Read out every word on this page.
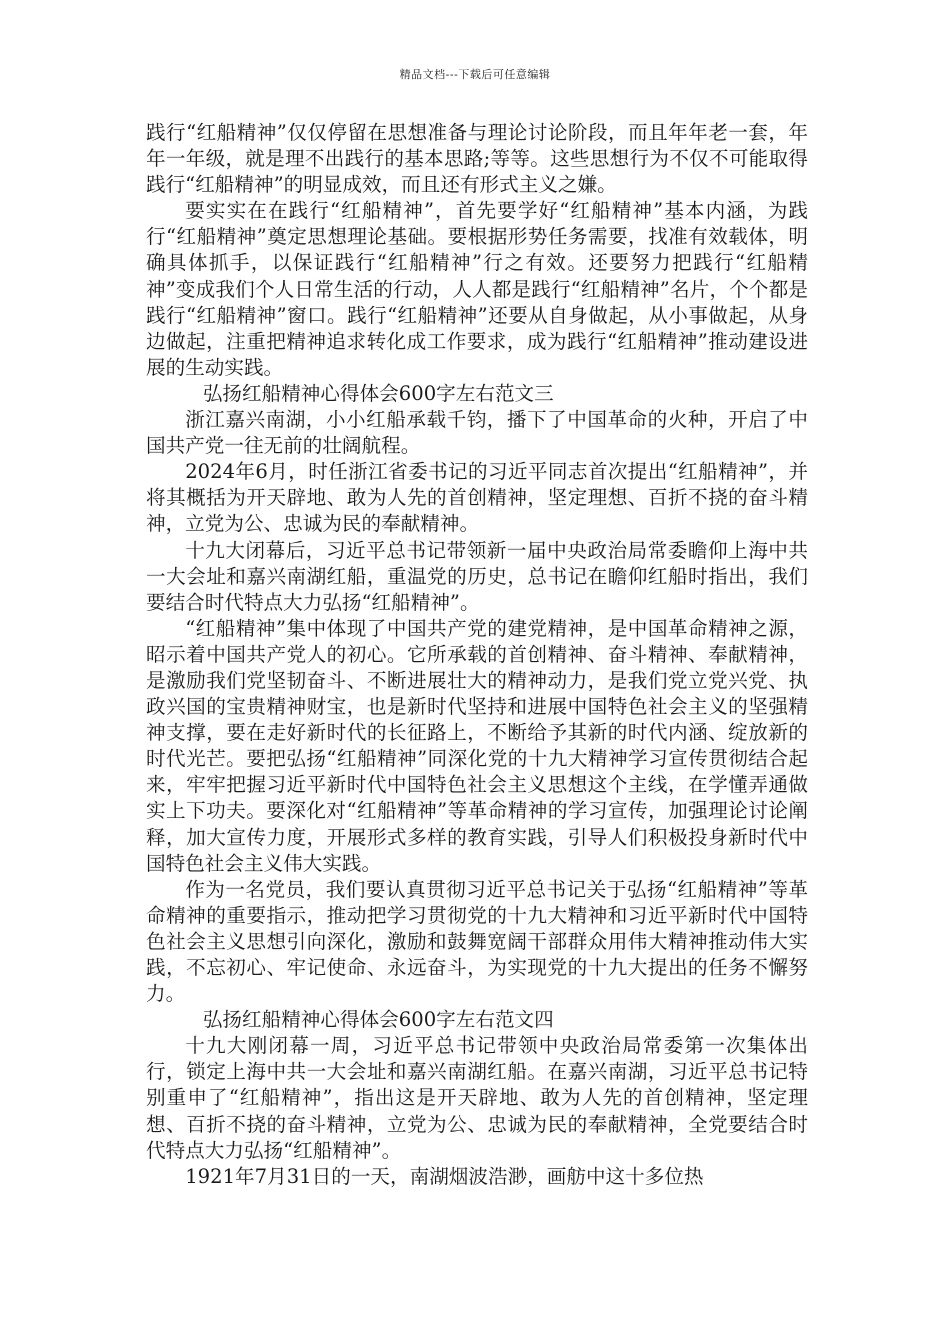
精品文档---下载后可任意编辑

践行“红船精神”仅仅停留在思想准备与理论讨论阶段，而且年年老一套，年年一年级，就是理不出践行的基本思路;等等。这些思想行为不仅不可能取得践行“红船精神”的明显成效，而且还有形式主义之嫌。

要实实在在践行“红船精神”，首先要学好“红船精神”基本内涵，为践行“红船精神”奠定思想理论基础。要根据形势任务需要，找准有效载体，明确具体抓手，以保证践行“红船精神”行之有效。还要努力把践行“红船精神”变成我们个人日常生活的行动，人人都是践行“红船精神”名片，个个都是践行“红船精神”窗口。践行“红船精神”还要从自身做起，从小事做起，从身边做起，注重把精神追求转化成工作要求，成为践行“红船精神”推动建设进展的生动实践。

弘扬红船精神心得体会600字左右范文三

浙江嘉兴南湖，小小红船承载千钧，播下了中国革命的火种，开启了中国共产党一往无前的壮阔航程。

2024年6月，时任浙江省委书记的习近平同志首次提出“红船精神”，并将其概括为开天辟地、敢为人先的首创精神，坚定理想、百折不挠的奋斗精神，立党为公、忠诚为民的奉献精神。

十九大闭幕后，习近平总书记带领新一届中央政治局常委瞻仰上海中共一大会址和嘉兴南湖红船，重温党的历史，总书记在瞻仰红船时指出，我们要结合时代特点大力弘扬“红船精神”。

“红船精神”集中体现了中国共产党的建党精神，是中国革命精神之源，昭示着中国共产党人的初心。它所承载的首创精神、奋斗精神、奉献精神，是激励我们党坚韧奋斗、不断进展壮大的精神动力，是我们党立党兴党、执政兴国的宝贵精神财宝，也是新时代坚持和进展中国特色社会主义的坚强精神支撑，要在走好新时代的长征路上，不断给予其新的时代内涵、绽放新的时代光芒。要把弘扬“红船精神”同深化党的十九大精神学习宣传贯彻结合起来，牢牢把握习近平新时代中国特色社会主义思想这个主线，在学懂弄通做实上下功夫。要深化对“红船精神”等革命精神的学习宣传，加强理论讨论阐释，加大宣传力度，开展形式多样的教育实践，引导人们积极投身新时代中国特色社会主义伟大实践。

作为一名党员，我们要认真贯彻习近平总书记关于弘扬“红船精神”等革命精神的重要指示，推动把学习贯彻党的十九大精神和习近平新时代中国特色社会主义思想引向深化，激励和鼓舞宽阔干部群众用伟大精神推动伟大实践，不忘初心、牢记使命、永远奋斗，为实现党的十九大提出的任务不懈努力。

弘扬红船精神心得体会600字左右范文四

十九大刚闭幕一周，习近平总书记带领中央政治局常委第一次集体出行，锁定上海中共一大会址和嘉兴南湖红船。在嘉兴南湖，习近平总书记特别重申了“红船精神”，指出这是开天辟地、敢为人先的首创精神，坚定理想、百折不挠的奋斗精神，立党为公、忠诚为民的奉献精神，全党要结合时代特点大力弘扬“红船精神”。

1921年7月31日的一天，南湖烟波浩渺，画舫中这十多位热
